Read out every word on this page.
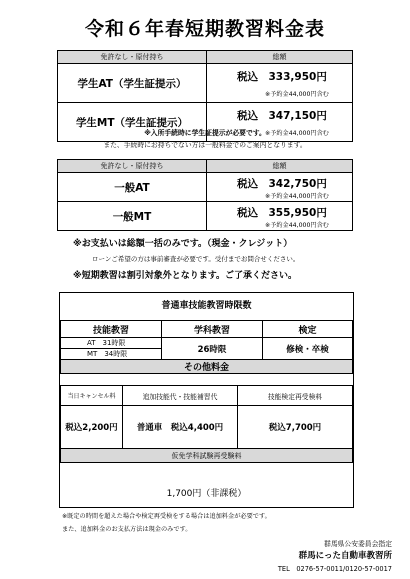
令和６年春短期教習料金表
免許なし・原付持ち	総額
学生AT（学生証提示）	税込　333,950円
※予約金44,000円含む

学生MT（学生証提示）	税込　347,150円
※予約金44,000円含む
※入所手続時に学生証提示が必要です。
また、手続時にお持ちでない方は一般料金でのご案内となります。
免許なし・原付持ち	総額
一般AT	税込　342,750円
※予約金44,000円含む

一般MT	税込　355,950円
※予約金44,000円含む
※お支払いは総額一括のみです。（現金・クレジット）
ローンご希望の方は事前審査が必要です。受付までお問合せください。
※短期教習は割引対象外となります。ご了承ください。
普通車技能教習時限数
技能教習	学科教習	検定
AT　31時限	26時限	修検・卒検
MT　34時限		
その他料金		
当日キャンセル料	追加技能代・技能補習代	技能検定再受検料
税込2,200円	普通車　税込4,400円	税込7,700円
仮免学科試験再受験料		
1,700円（非課税）
※既定の時間を超えた場合や検定再受検をする場合は追加料金が必要です。
また、追加料金のお支払方法は現金のみです。
群馬県公安委員会指定
群馬にった自動車教習所
TEL　0276-57-0011/0120-57-0017
